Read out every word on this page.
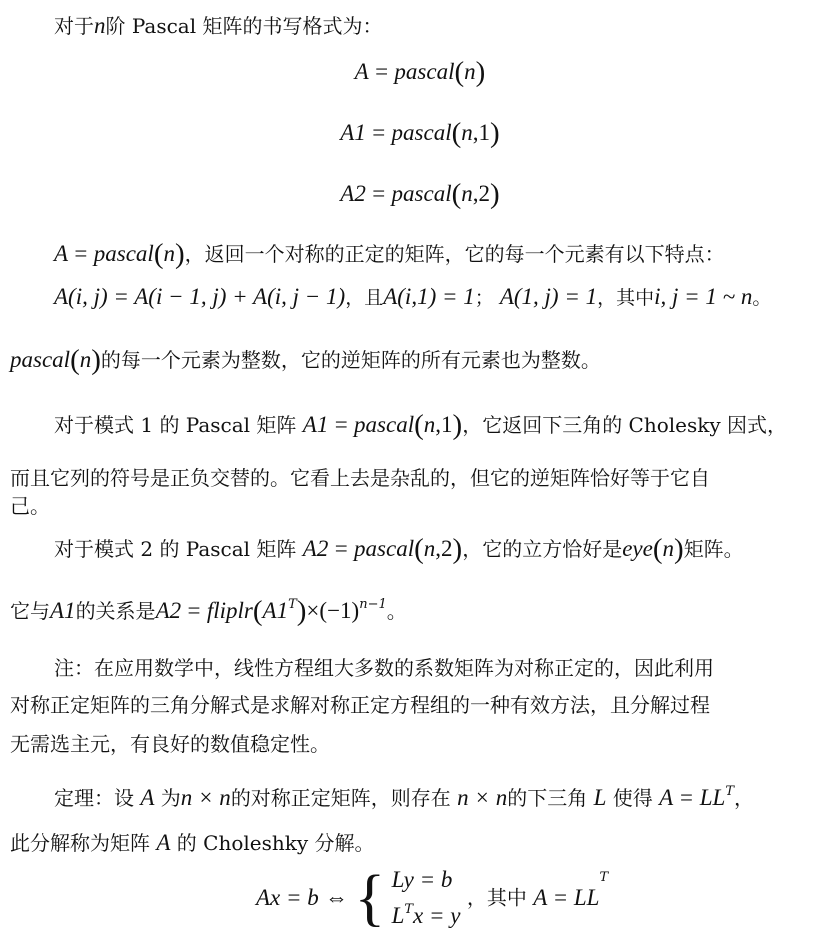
对于n阶 Pascal 矩阵的书写格式为：
A = pascal(n)
A1 = pascal(n,1)
A2 = pascal(n,2)
A = pascal(n)，返回一个对称的正定的矩阵，它的每一个元素有以下特点：
A(i, j) = A(i − 1, j) + A(i, j − 1)，且A(i,1) = 1； A(1, j) = 1，其中i, j = 1 ~ n。
pascal(n)的每一个元素为整数，它的逆矩阵的所有元素也为整数。
对于模式 1 的 Pascal 矩阵 A1 = pascal(n,1)，它返回下三角的 Cholesky 因式，
而且它列的符号是正负交替的。它看上去是杂乱的，但它的逆矩阵恰好等于它自
己。
对于模式 2 的 Pascal 矩阵 A2 = pascal(n,2)，它的立方恰好是eye(n)矩阵。
它与A1的关系是$A2 = fliplr(A1^T)\times(-1)^{n-1}$。
注：在应用数学中，线性方程组大多数的系数矩阵为对称正定的，因此利用
对称正定矩阵的三角分解式是求解对称正定方程组的一种有效方法，且分解过程
无需选主元，有良好的数值稳定性。
定理：设 A 为n × n的对称正定矩阵，则存在 n × n的下三角 L 使得 $A = LL^T$，
此分解称为矩阵 A 的 Choleshky 分解。
Ax = b ⇔ { Ly = b
$L^Tx = y$
，其中 $A = LL^T$
